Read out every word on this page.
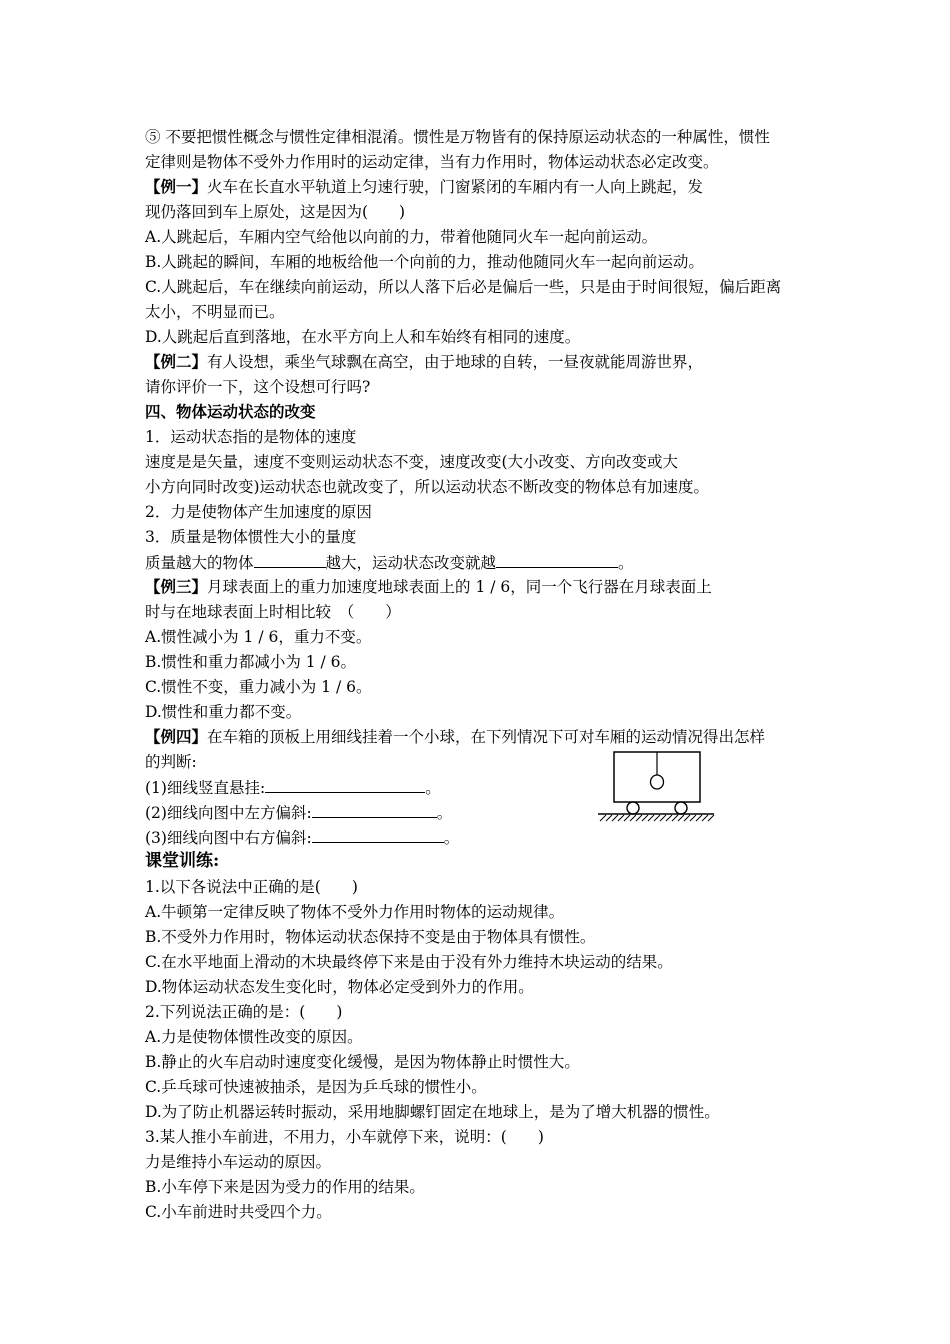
⑤ 不要把惯性概念与惯性定律相混淆。惯性是万物皆有的保持原运动状态的一种属性，惯性
定律则是物体不受外力作用时的运动定律，当有力作用时，物体运动状态必定改变。
【例一】火车在长直水平轨道上匀速行驶，门窗紧闭的车厢内有一人向上跳起，发
现仍落回到车上原处，这是因为(　　)
A.人跳起后，车厢内空气给他以向前的力，带着他随同火车一起向前运动。
B.人跳起的瞬间，车厢的地板给他一个向前的力，推动他随同火车一起向前运动。
C.人跳起后，车在继续向前运动，所以人落下后必是偏后一些，只是由于时间很短，偏后距离
太小，不明显而已。
D.人跳起后直到落地，在水平方向上人和车始终有相同的速度。
【例二】有人设想，乘坐气球飘在高空，由于地球的自转，一昼夜就能周游世界，
请你评价一下，这个设想可行吗?
四、物体运动状态的改变
1．运动状态指的是物体的速度
速度是是矢量，速度不变则运动状态不变，速度改变(大小改变、方向改变或大
小方向同时改变)运动状态也就改变了，所以运动状态不断改变的物体总有加速度。
2．力是使物体产生加速度的原因
3．质量是物体惯性大小的量度
质量越大的物体	越大，运动状态改变就越	。
【例三】月球表面上的重力加速度地球表面上的 1 / 6，同一个飞行器在月球表面上
时与在地球表面上时相比较　（　　）
A.惯性减小为 1 / 6，重力不变。
B.惯性和重力都减小为 1 / 6。
C.惯性不变，重力减小为 1 / 6。
D.惯性和重力都不变。
【例四】在车箱的顶板上用细线挂着一个小球，在下列情况下可对车厢的运动情况得出怎样
的判断:
(1)细线竖直悬挂:	。
(2)细线向图中左方偏斜:	。
(3)细线向图中右方偏斜:	。
课堂训练:
1.以下各说法中正确的是(　　)
A.牛顿第一定律反映了物体不受外力作用时物体的运动规律。
B.不受外力作用时，物体运动状态保持不变是由于物体具有惯性。
C.在水平地面上滑动的木块最终停下来是由于没有外力维持木块运动的结果。
D.物体运动状态发生变化时，物体必定受到外力的作用。
2.下列说法正确的是：(　　)
A.力是使物体惯性改变的原因。
B.静止的火车启动时速度变化缓慢，是因为物体静止时惯性大。
C.乒乓球可快速被抽杀，是因为乒乓球的惯性小。
D.为了防止机器运转时振动，采用地脚螺钉固定在地球上，是为了增大机器的惯性。
3.某人推小车前进，不用力，小车就停下来，说明：(　　)
力是维持小车运动的原因。
B.小车停下来是因为受力的作用的结果。
C.小车前进时共受四个力。
